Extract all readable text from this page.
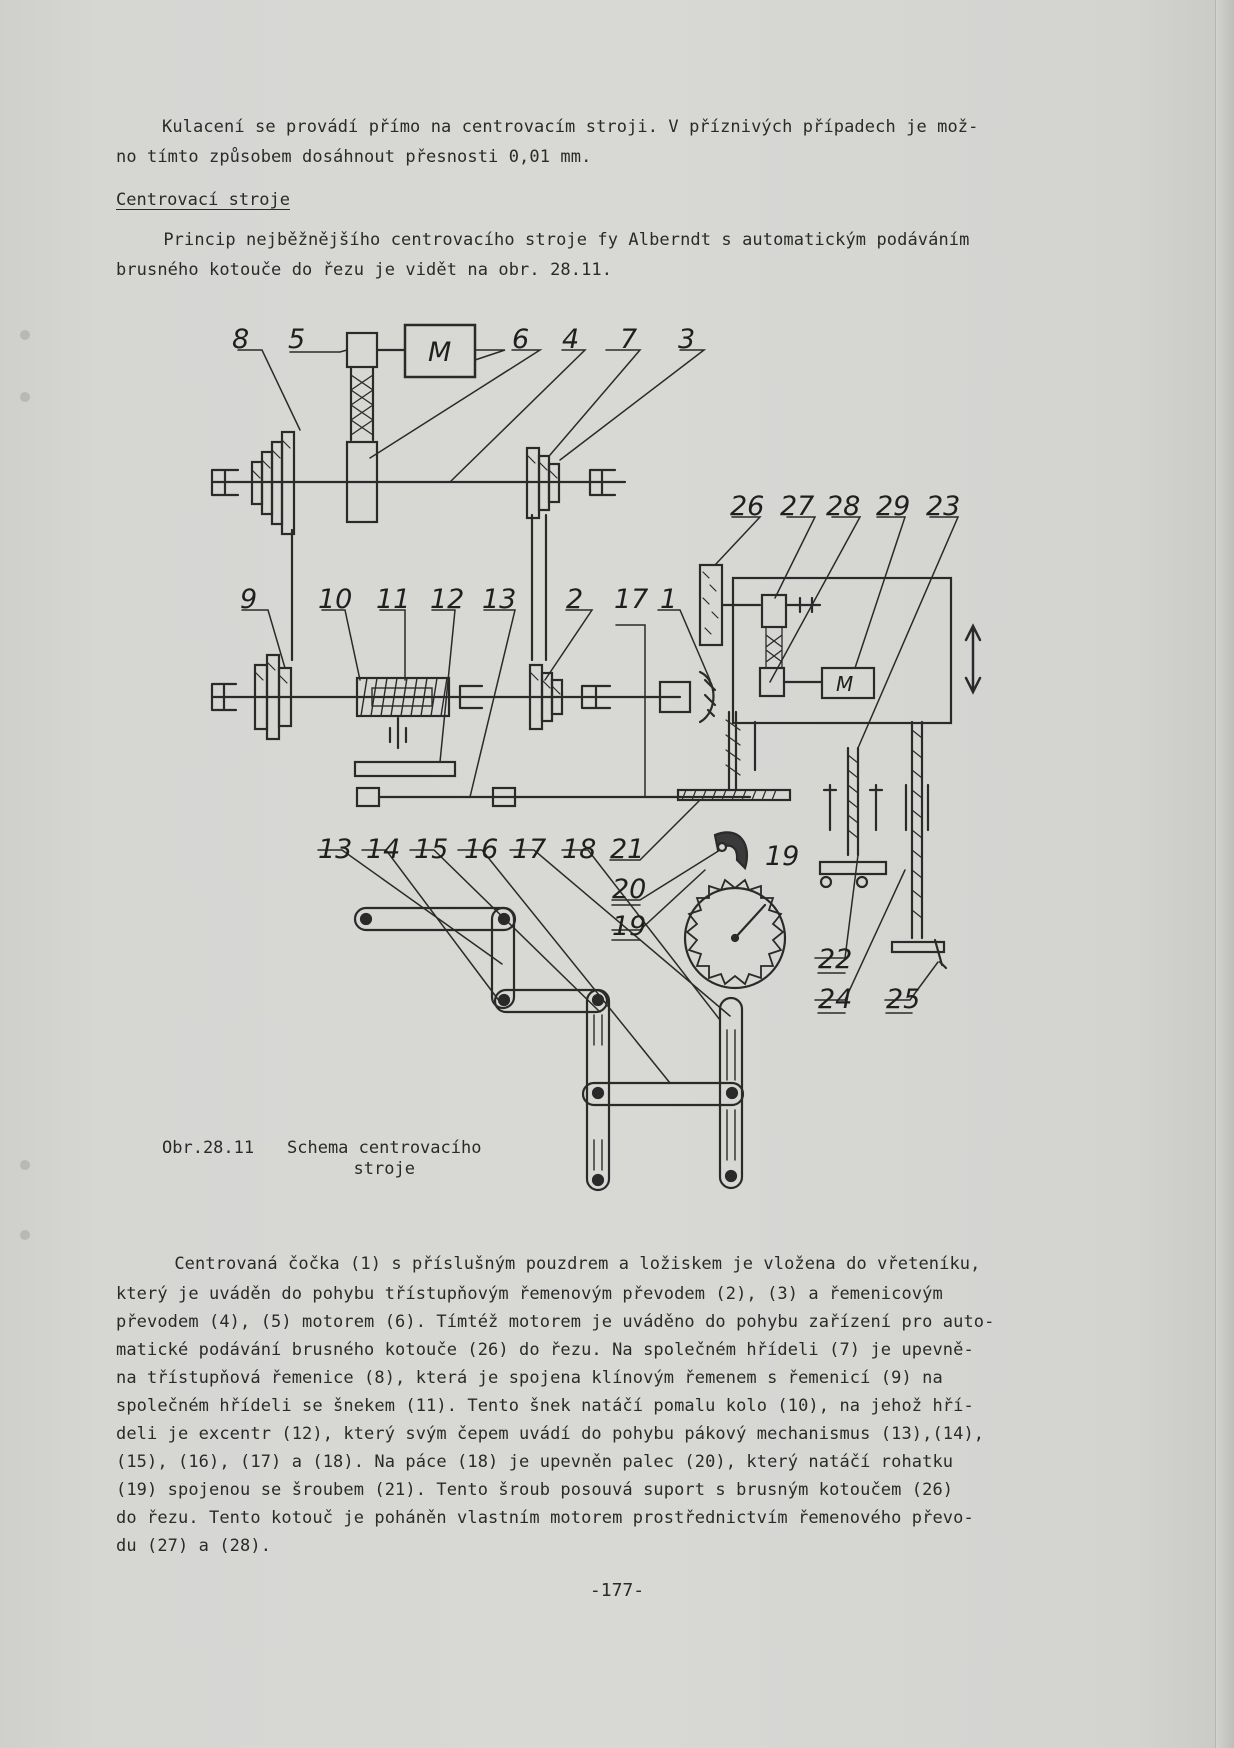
Kulacení se provádí přímo na centrovacím stroji. V příznivých případech je mož-
no tímto způsobem dosáhnout přesnosti 0,01 mm.
Centrovací stroje
Princip nejběžnějšího centrovacího stroje fy Alberndt s automatickým podáváním
brusného kotouče do řezu je vidět na obr. 28.11.
M
M
8 5	6 4 7 3
9 10 11 12 13 2 17 1
26 27 28 29 23
13 14 15 16 17 18 21
20
19
19
22
24 25
Obr.28.11 Schema centrovacího
stroje
Centrovaná čočka (1) s příslušným pouzdrem a ložiskem je vložena do vřeteníku,
který je uváděn do pohybu třístupňovým řemenovým převodem (2), (3) a řemenicovým
převodem (4), (5) motorem (6). Tímtéž motorem je uváděno do pohybu zařízení pro auto-
matické podávání brusného kotouče (26) do řezu. Na společném hřídeli (7) je upevně-
na třístupňová řemenice (8), která je spojena klínovým řemenem s řemenicí (9) na
společném hřídeli se šnekem (11). Tento šnek natáčí pomalu kolo (10), na jehož hří-
deli je excentr (12), který svým čepem uvádí do pohybu pákový mechanismus (13),(14),
(15), (16), (17) a (18). Na páce (18) je upevněn palec (20), který natáčí rohatku
(19) spojenou se šroubem (21). Tento šroub posouvá suport s brusným kotoučem (26)
do řezu. Tento kotouč je poháněn vlastním motorem prostřednictvím řemenového převo-
du (27) a (28).
-177-
